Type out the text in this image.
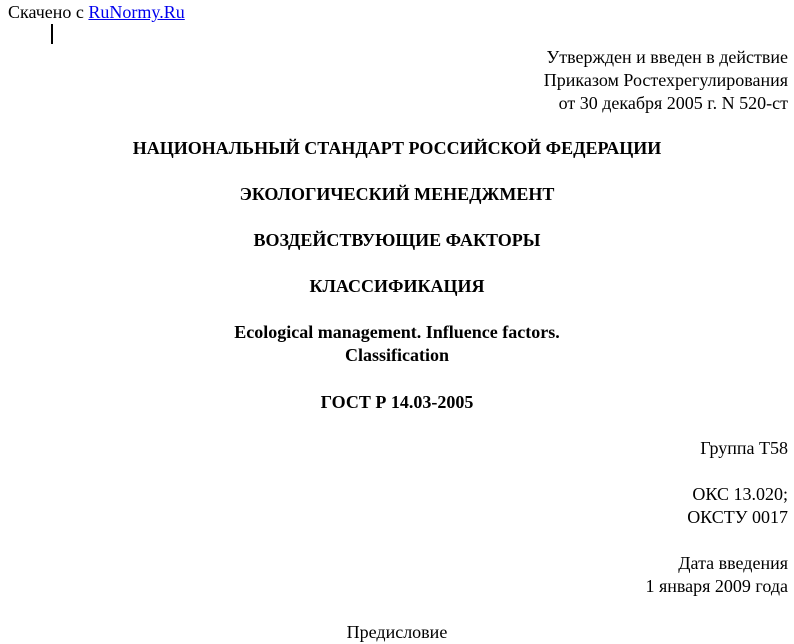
Скачено с RuNormy.Ru
Утвержден и введен в действие
Приказом Ростехрегулирования
от 30 декабря 2005 г. N 520-ст
НАЦИОНАЛЬНЫЙ СТАНДАРТ РОССИЙСКОЙ ФЕДЕРАЦИИ
ЭКОЛОГИЧЕСКИЙ МЕНЕДЖМЕНТ
ВОЗДЕЙСТВУЮЩИЕ ФАКТОРЫ
КЛАССИФИКАЦИЯ
Ecological management. Influence factors.
Classification
ГОСТ Р 14.03-2005
Группа Т58
ОКС 13.020;
ОКСТУ 0017
Дата введения
1 января 2009 года
Предисловие
